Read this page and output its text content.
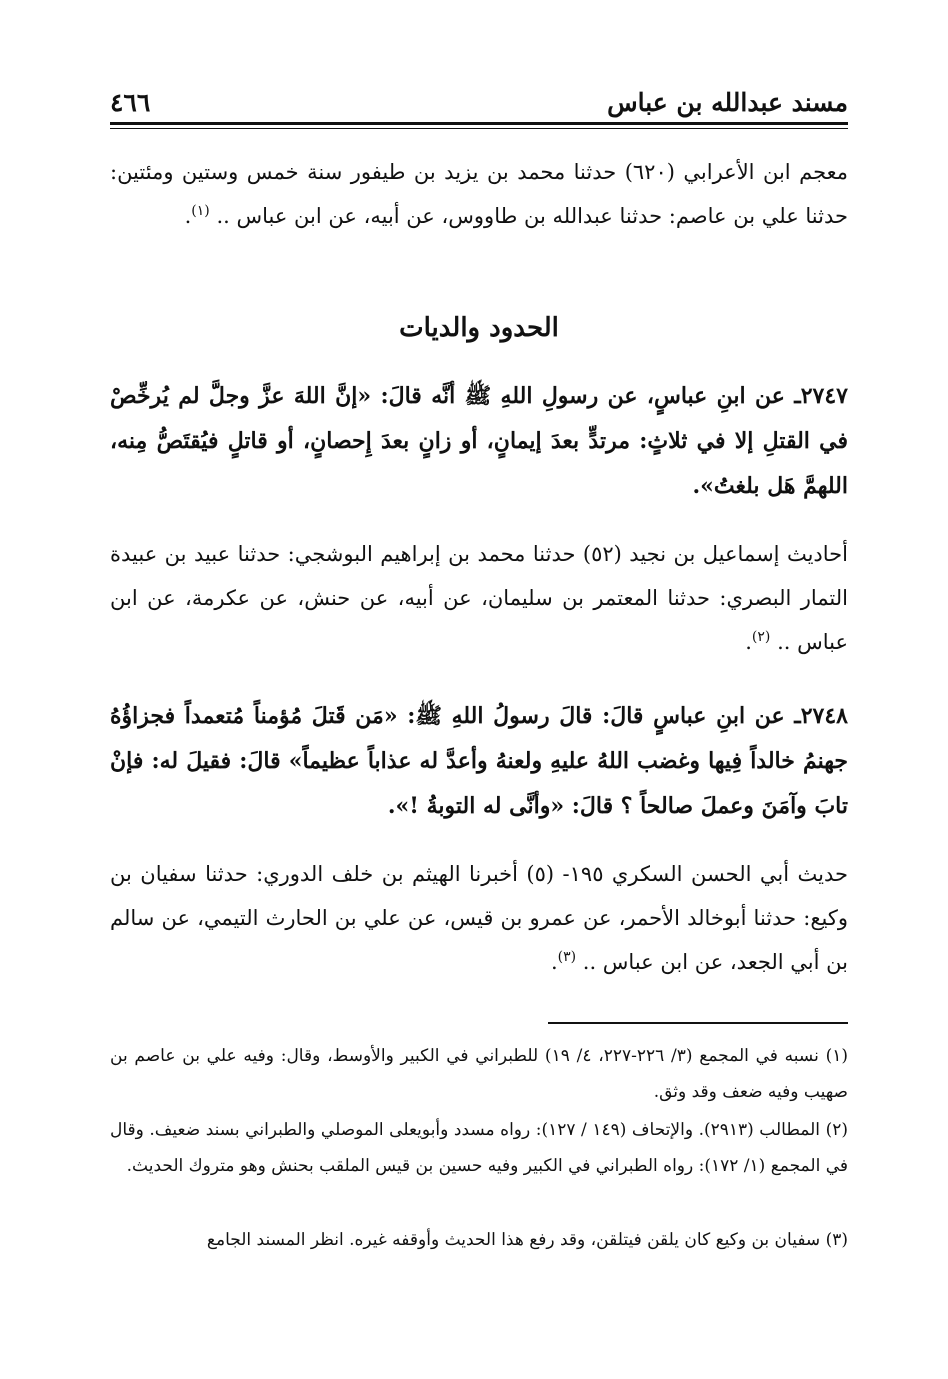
مسند عبدالله بن عباس
٤٦٦

معجم ابن الأعرابي (٦٢٠) حدثنا محمد بن يزيد بن طيفور سنة خمس وستين ومئتين: حدثنا علي بن عاصم: حدثنا عبدالله بن طاووس، عن أبيه، عن ابن عباس .. $^{(١)}$.

الحدود والديات

٢٧٤٧ـ عن ابنِ عباسٍ، عن رسولِ اللهِ ﷺ أنَّه قالَ: «إنَّ اللهَ عزَّ وجلَّ لم يُرخِّصْ في القتلِ إلا في ثلاثٍ: مرتدٍّ بعدَ إيمانٍ، أو زانٍ بعدَ إِحصانٍ، أو قاتلٍ فيُقتَصُّ مِنه، اللهمَّ هَل بلغتُ».

أحاديث إسماعيل بن نجيد (٥٢) حدثنا محمد بن إبراهيم البوشجي: حدثنا عبيد بن عبيدة التمار البصري: حدثنا المعتمر بن سليمان، عن أبيه، عن حنش، عن عكرمة، عن ابن عباس .. $^{(٢)}$.

٢٧٤٨ـ عن ابنِ عباسٍ قالَ: قالَ رسولُ اللهِ ﷺ: «مَن قَتلَ مُؤمناً مُتعمداً فجزاؤُهُ جهنمُ خالداً فِيها وغضب اللهُ عليهِ ولعنهُ وأعدَّ له عذاباً عظيماً» قالَ: فقيلَ له: فإنْ تابَ وآمَنَ وعملَ صالحاً ؟ قالَ: «وأنَّى له التوبةُ !».

حديث أبي الحسن السكري ١٩٥- (٥) أخبرنا الهيثم بن خلف الدوري: حدثنا سفيان بن وكيع: حدثنا أبوخالد الأحمر، عن عمرو بن قيس، عن علي بن الحارث التيمي، عن سالم بن أبي الجعد، عن ابن عباس .. $^{(٣)}$.

(١) نسبه في المجمع (٣/ ٢٢٦-٢٢٧، ٤/ ١٩) للطبراني في الكبير والأوسط، وقال: وفيه علي بن عاصم بن صهيب وفيه ضعف وقد وثق.

(٢) المطالب (٢٩١٣). والإتحاف (١٤٩ / ١٢٧): رواه مسدد وأبويعلى الموصلي والطبراني بسند ضعيف. وقال في المجمع (١/ ١٧٢): رواه الطبراني في الكبير وفيه حسين بن قيس الملقب بحنش وهو متروك الحديث.

(٣) سفيان بن وكيع كان يلقن فيتلقن، وقد رفع هذا الحديث وأوقفه غيره. انظر المسند الجامع
